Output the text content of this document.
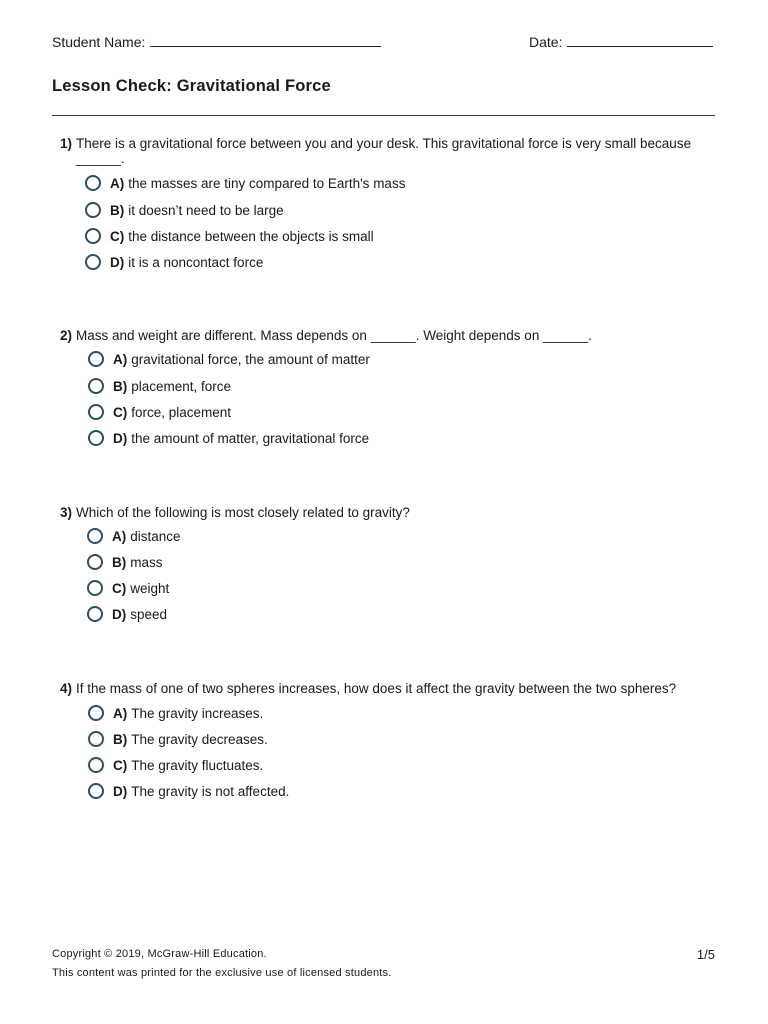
Student Name:	Date:
Lesson Check: Gravitational Force
1) There is a gravitational force between you and your desk. This gravitational force is very small because ______.
A) the masses are tiny compared to Earth's mass
B) it doesn’t need to be large
C) the distance between the objects is small
D) it is a noncontact force
2) Mass and weight are different. Mass depends on ______. Weight depends on ______.
A) gravitational force, the amount of matter
B) placement, force
C) force, placement
D) the amount of matter, gravitational force
3) Which of the following is most closely related to gravity?
A) distance
B) mass
C) weight
D) speed
4) If the mass of one of two spheres increases, how does it affect the gravity between the two spheres?
A) The gravity increases.
B) The gravity decreases.
C) The gravity fluctuates.
D) The gravity is not affected.
Copyright © 2019, McGraw-Hill Education.
This content was printed for the exclusive use of licensed students.
1/5
